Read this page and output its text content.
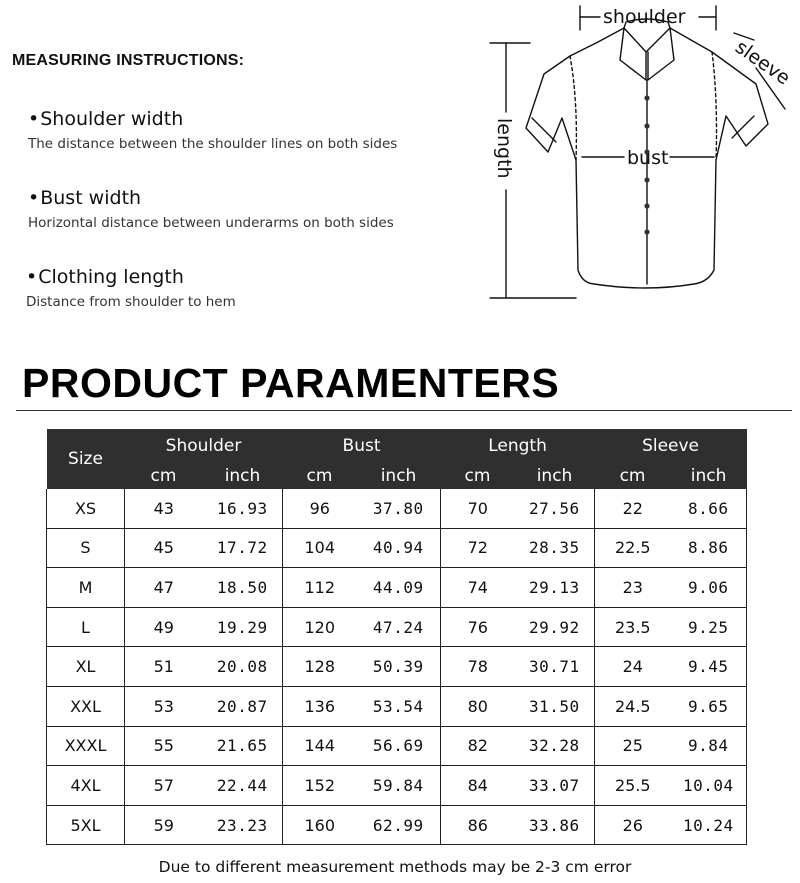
MEASURING INSTRUCTIONS:
•Shoulder width
The distance between the shoulder lines on both sides
•Bust width
Horizontal distance between underarms on both sides
•Clothing length
Distance from shoulder to hem
shoulder
bust
length
sleeve
PRODUCT PARAMENTERS
Size	Shoulder		Bust		Length		Sleeve	
	cm	inch	cm	inch	cm	inch	cm	inch
XS	43	16.93	96	37.80	70	27.56	22	8.66
S	45	17.72	104	40.94	72	28.35	22.5	8.86
M	47	18.50	112	44.09	74	29.13	23	9.06
L	49	19.29	120	47.24	76	29.92	23.5	9.25
XL	51	20.08	128	50.39	78	30.71	24	9.45
XXL	53	20.87	136	53.54	80	31.50	24.5	9.65
XXXL	55	21.65	144	56.69	82	32.28	25	9.84
4XL	57	22.44	152	59.84	84	33.07	25.5	10.04
5XL	59	23.23	160	62.99	86	33.86	26	10.24
Due to different measurement methods may be 2-3 cm error
